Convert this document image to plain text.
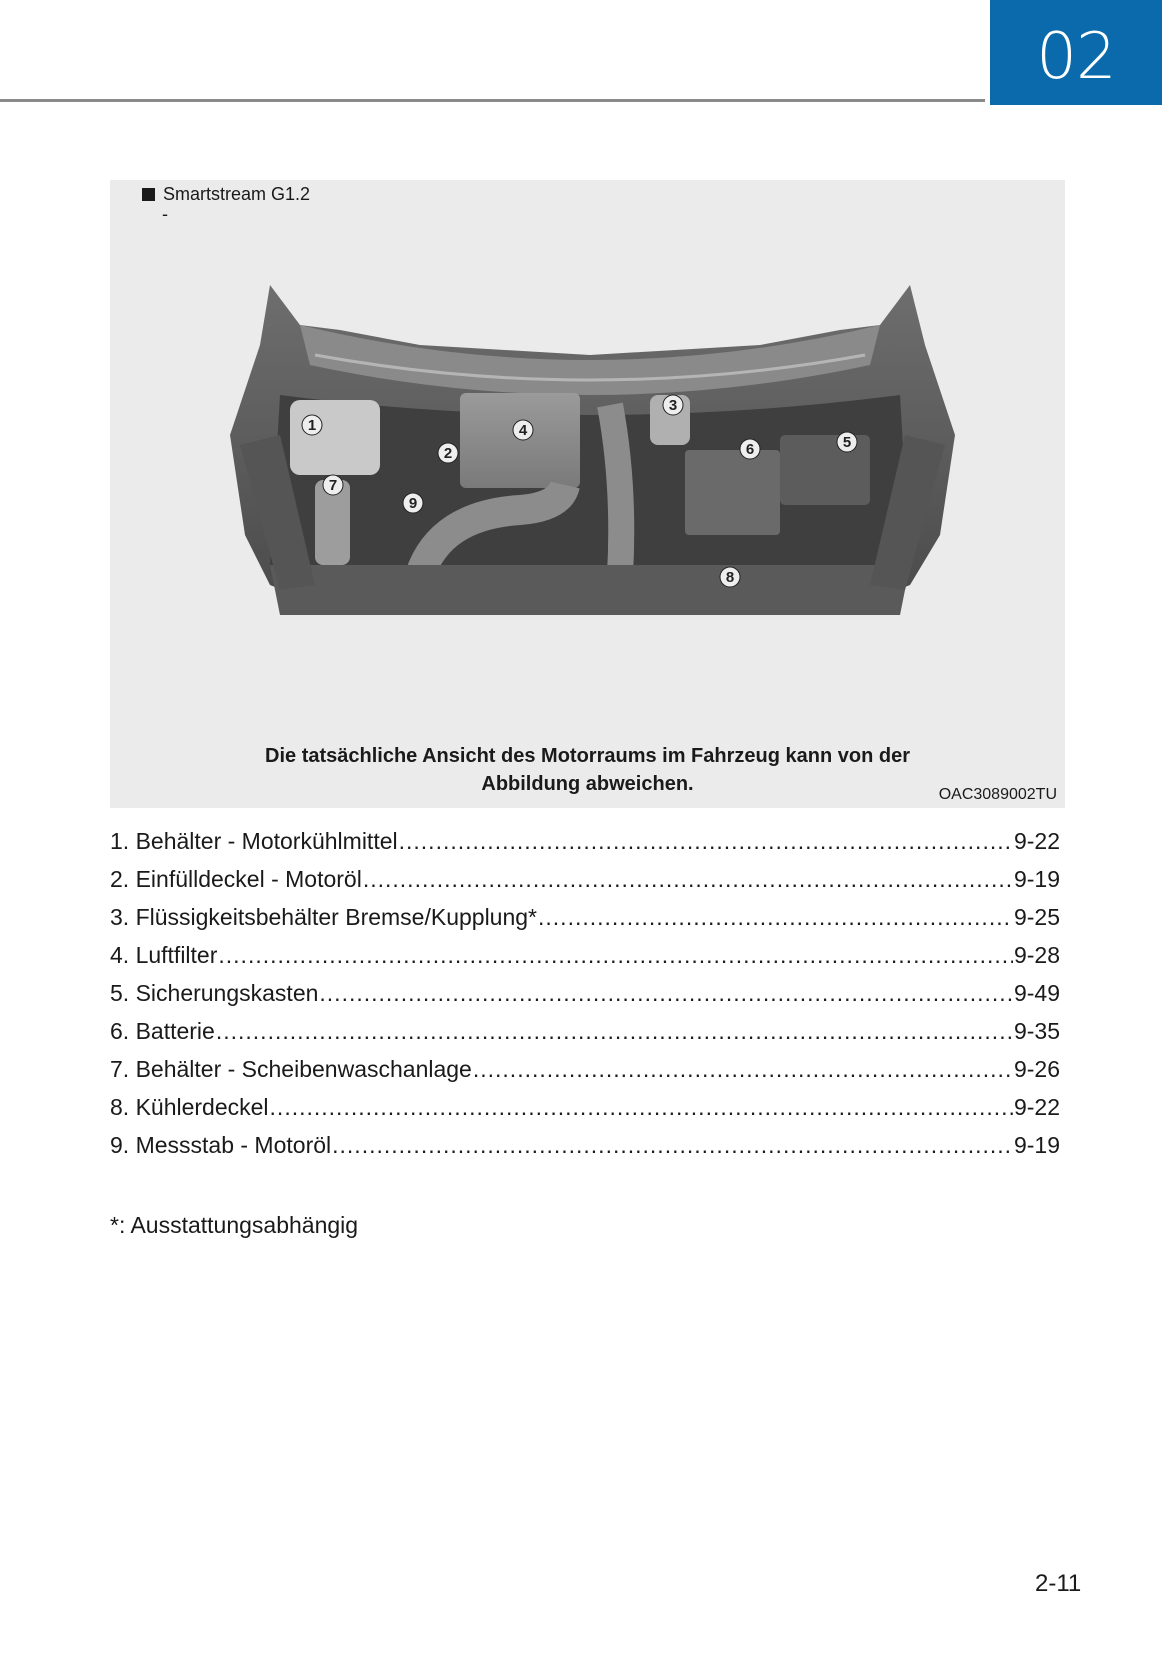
02
Smartstream G1.2
-
1
2
3
4
5
6
7
8
9
Die tatsächliche Ansicht des Motorraums im Fahrzeug kann von der
Abbildung abweichen.	OAC3089002TU
1. Behälter - Motorkühlmittel .....	9-22
2. Einfülldeckel - Motoröl .....	9-19
3. Flüssigkeitsbehälter Bremse/Kupplung* .....	9-25
4. Luftfilter .....	9-28
5. Sicherungskasten .....	9-49
6. Batterie .....	9-35
7. Behälter - Scheibenwaschanlage .....	9-26
8. Kühlerdeckel .....	9-22
9. Messstab - Motoröl .....	9-19
*: Ausstattungsabhängig
2-11
